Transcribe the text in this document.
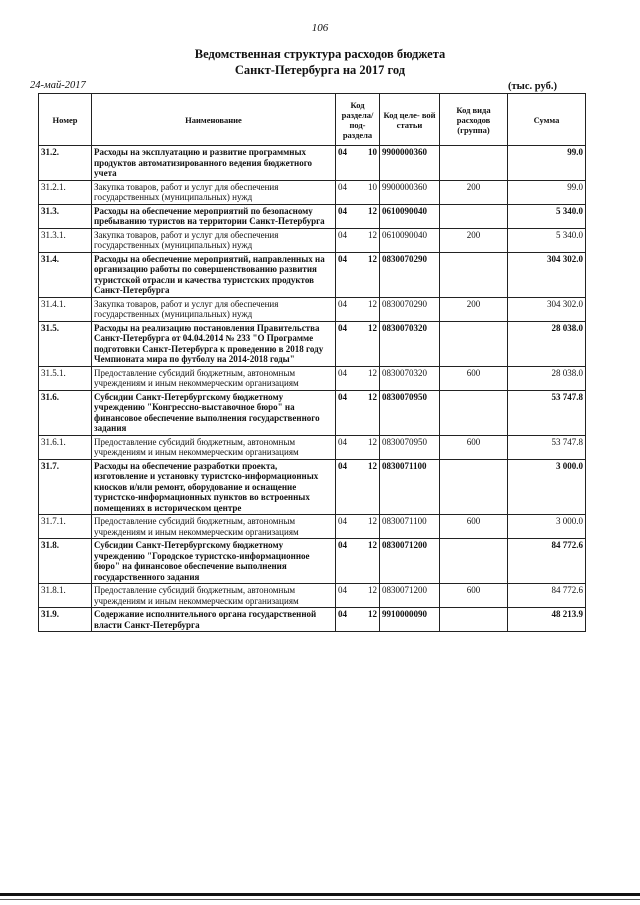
106
Ведомственная структура расходов бюджета
Санкт-Петербурга на 2017 год
24-май-2017	(тыс. руб.)
Номер	Наименование	Код раздела/ под- раздела	Код целе- вой статьи	Код вида расходов (группа)	Сумма
31.2.	Расходы на эксплуатацию и развитие программных продуктов автоматизированного ведения бюджетного учета	04 10	9900000360		99.0
31.2.1.	Закупка товаров, работ и услуг для обеспечения государственных (муниципальных) нужд	04 10	9900000360	200	99.0
31.3.	Расходы на обеспечение мероприятий по безопасному пребыванию туристов на территории Санкт-Петербурга	04 12	0610090040		5 340.0
31.3.1.	Закупка товаров, работ и услуг для обеспечения государственных (муниципальных) нужд	04 12	0610090040	200	5 340.0
31.4.	Расходы на обеспечение мероприятий, направленных на организацию работы по совершенствованию развития туристской отрасли и качества туристских продуктов Санкт-Петербурга	04 12	0830070290		304 302.0
31.4.1.	Закупка товаров, работ и услуг для обеспечения государственных (муниципальных) нужд	04 12	0830070290	200	304 302.0
31.5.	Расходы на реализацию постановления Правительства Санкт-Петербурга от 04.04.2014 № 233 "О Программе подготовки Санкт-Петербурга к проведению в 2018 году Чемпионата мира по футболу на 2014-2018 годы"	04 12	0830070320		28 038.0
31.5.1.	Предоставление субсидий бюджетным, автономным учреждениям и иным некоммерческим организациям	04 12	0830070320	600	28 038.0
31.6.	Субсидии Санкт-Петербургскому бюджетному учреждению "Конгрессно-выставочное бюро" на финансовое обеспечение выполнения государственного задания	04 12	0830070950		53 747.8
31.6.1.	Предоставление субсидий бюджетным, автономным учреждениям и иным некоммерческим организациям	04 12	0830070950	600	53 747.8
31.7.	Расходы на обеспечение разработки проекта, изготовление и установку туристско-информационных киосков и/или ремонт, оборудование и оснащение туристско-информационных пунктов во встроенных помещениях в историческом центре	04 12	0830071100		3 000.0
31.7.1.	Предоставление субсидий бюджетным, автономным учреждениям и иным некоммерческим организациям	04 12	0830071100	600	3 000.0
31.8.	Субсидии Санкт-Петербургскому бюджетному учреждению "Городское туристско-информационное бюро" на финансовое обеспечение выполнения государственного задания	04 12	0830071200		84 772.6
31.8.1.	Предоставление субсидий бюджетным, автономным учреждениям и иным некоммерческим организациям	04 12	0830071200	600	84 772.6
31.9.	Содержание исполнительного органа государственной власти Санкт-Петербурга	04 12	9910000090		48 213.9
